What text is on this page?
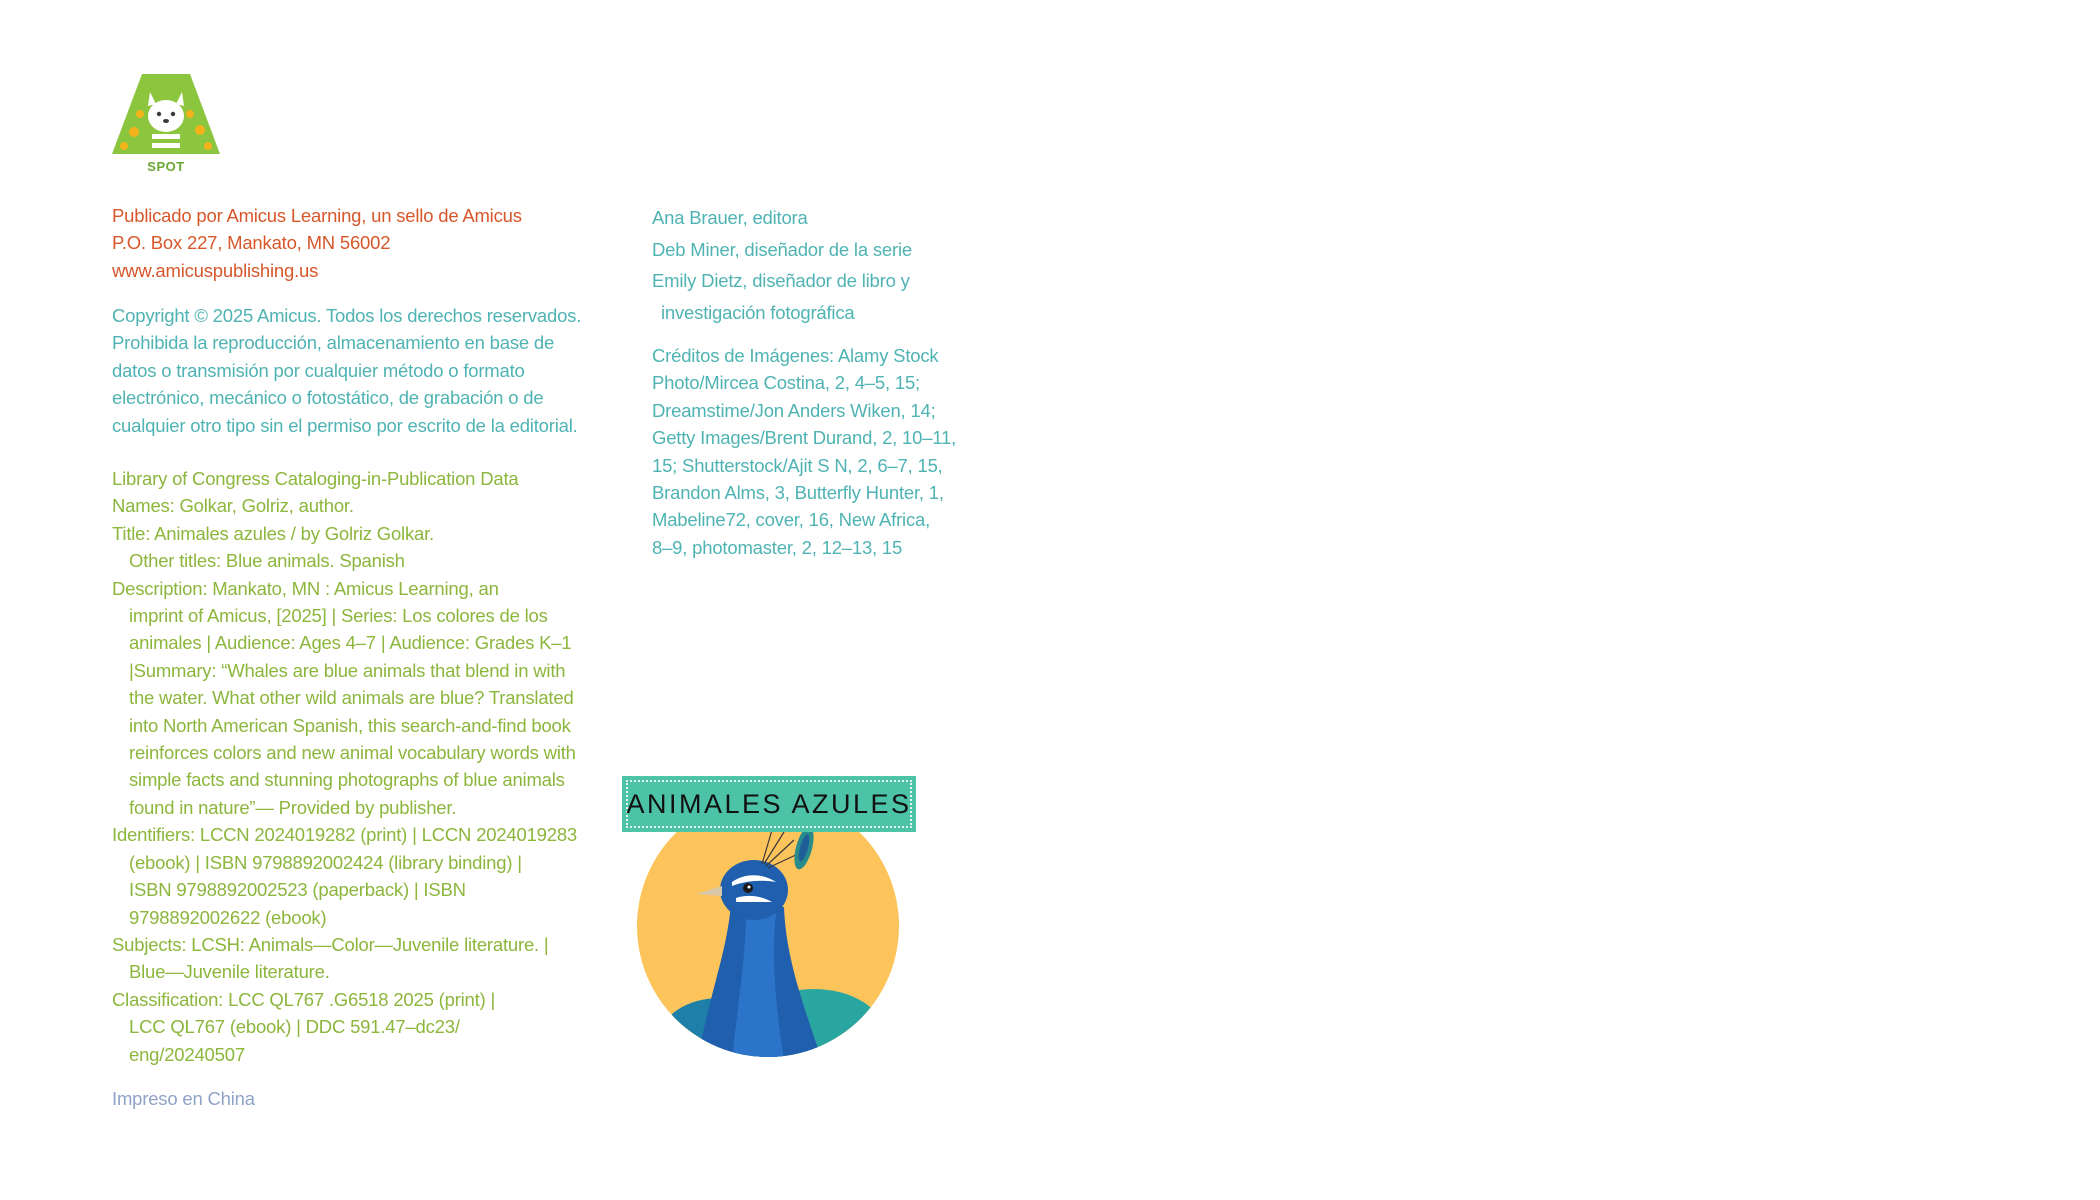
SPOT
Publicado por Amicus Learning, un sello de Amicus
P.O. Box 227, Mankato, MN 56002
www.amicuspublishing.us
Copyright © 2025 Amicus. Todos los derechos reservados.
Prohibida la reproducción, almacenamiento en base de
datos o transmisión por cualquier método o formato
electrónico, mecánico o fotostático, de grabación o de
cualquier otro tipo sin el permiso por escrito de la editorial.
Library of Congress Cataloging-in-Publication Data
Names: Golkar, Golriz, author.
Title: Animales azules / by Golriz Golkar.
Other titles: Blue animals. Spanish
Description: Mankato, MN : Amicus Learning, an
imprint of Amicus, [2025] | Series: Los colores de los
animales | Audience: Ages 4–7 | Audience: Grades K–1
|Summary: “Whales are blue animals that blend in with
the water. What other wild animals are blue? Translated
into North American Spanish, this search-and-find book
reinforces colors and new animal vocabulary words with
simple facts and stunning photographs of blue animals
found in nature”— Provided by publisher.
Identifiers: LCCN 2024019282 (print) | LCCN 2024019283
(ebook) | ISBN 9798892002424 (library binding) |
ISBN 9798892002523 (paperback) | ISBN
9798892002622 (ebook)
Subjects: LCSH: Animals—Color—Juvenile literature. |
Blue—Juvenile literature.
Classification: LCC QL767 .G6518 2025 (print) |
LCC QL767 (ebook) | DDC 591.47–dc23/
eng/20240507
Impreso en China
Ana Brauer, editora
Deb Miner, diseñador de la serie
Emily Dietz, diseñador de libro y
investigación fotográfica
Créditos de Imágenes: Alamy Stock
Photo/Mircea Costina, 2, 4–5, 15;
Dreamstime/Jon Anders Wiken, 14;
Getty Images/Brent Durand, 2, 10–11,
15; Shutterstock/Ajit S N, 2, 6–7, 15,
Brandon Alms, 3, Butterfly Hunter, 1,
Mabeline72, cover, 16, New Africa,
8–9, photomaster, 2, 12–13, 15
ANIMALES AZULES
